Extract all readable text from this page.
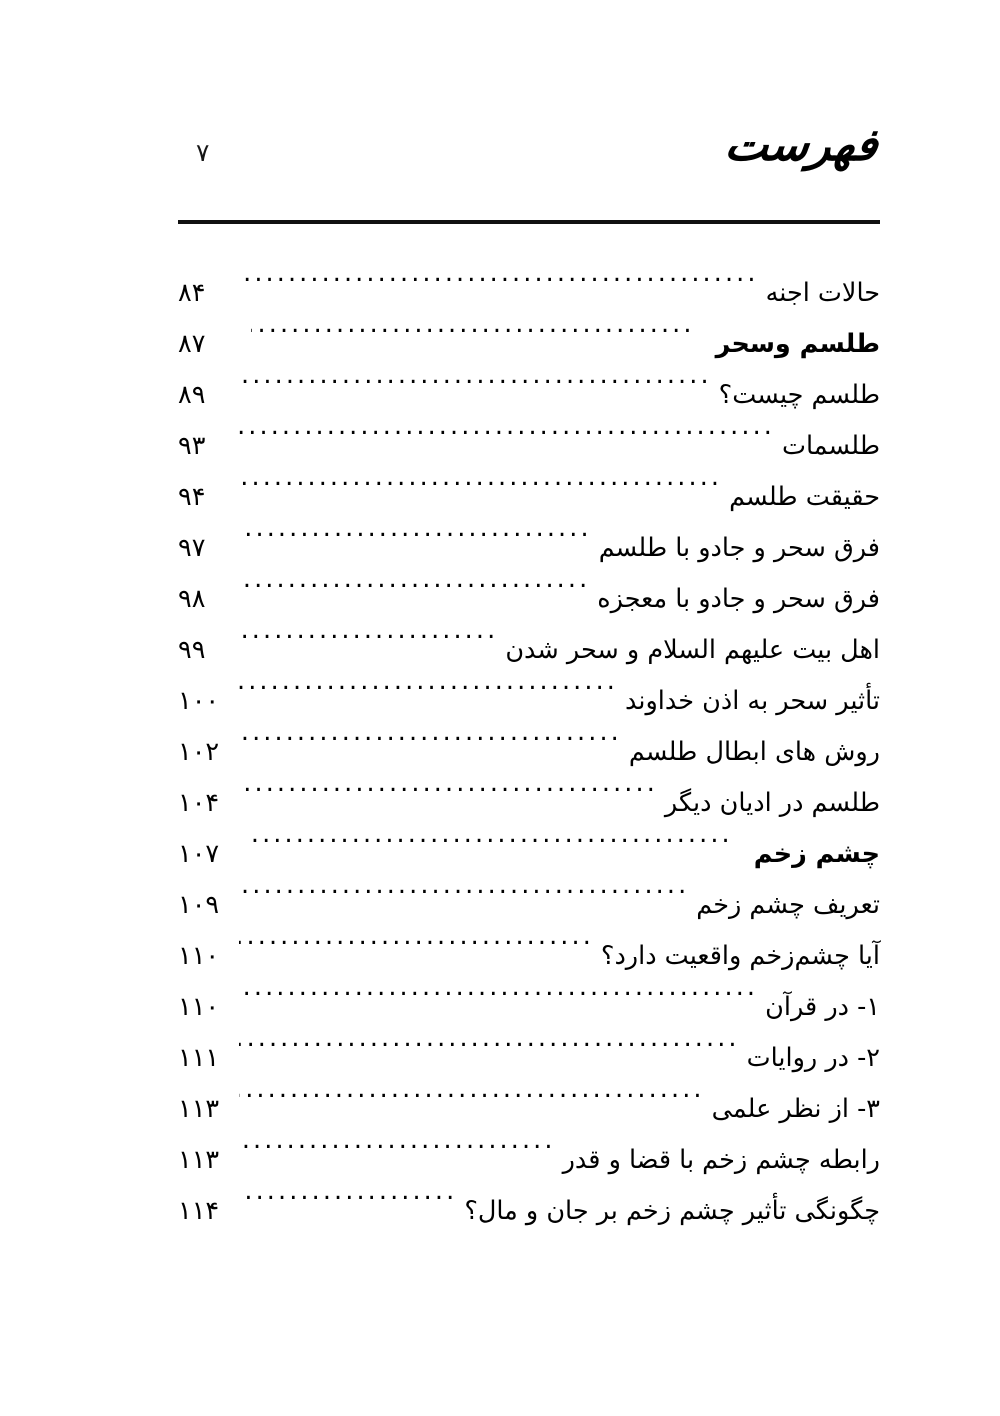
۷	فهرست
حالات اجنه
.....
۸۴
طلسم وسحر
.....
۸۷
طلسم چیست؟
.....
۸۹
طلسمات
.....
۹۳
حقیقت طلسم
.....
۹۴
فرق سحر و جادو با طلسم
.....
۹۷
فرق سحر و جادو با معجزه
.....
۹۸
اهل بیت علیهم السلام و سحر شدن
.....
۹۹
تأثیر سحر به اذن خداوند
.....
۱۰۰
روش های ابطال طلسم
.....
۱۰۲
طلسم در ادیان دیگر
.....
۱۰۴
چشم زخم
.....
۱۰۷
تعریف چشم زخم
.....
۱۰۹
آیا چشم‌زخم واقعیت دارد؟
.....
۱۱۰
۱- در قرآن
.....
۱۱۰
۲- در روایات
.....
۱۱۱
۳- از نظر علمی
.....
۱۱۳
رابطه چشم زخم با قضا و قدر
.....
۱۱۳
چگونگی تأثیر چشم زخم بر جان و مال؟
.....
۱۱۴
